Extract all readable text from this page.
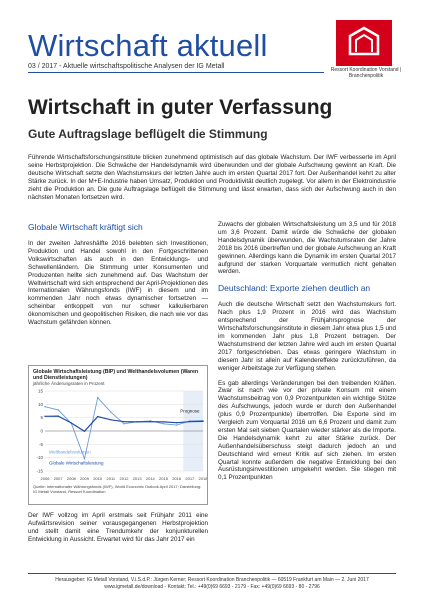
Wirtschaft aktuell
03 / 2017 - Aktuelle wirtschaftspolitische Analysen der IG Metall	Ressort Koordination Vorstand | Branchenpolitik
Wirtschaft in guter Verfassung
Gute Auftragslage beflügelt die Stimmung

Führende Wirtschaftsforschungsinstitute blicken zunehmend optimistisch auf das globale Wachstum. Der IWF verbesserte im April seine Herbstprojektion. Die Schwäche der Handelsdynamik wird überwunden und der globale Aufschwung gewinnt an Kraft. Die deutsche Wirtschaft setzte den Wachstumskurs der letzten Jahre auch im ersten Quartal 2017 fort. Der Außenhandel kehrt zu alter Stärke zurück. In der M+E-Industrie haben Umsatz, Produktion und Produktivität deutlich zugelegt. Vor allem in der Elektroindustrie zieht die Produktion an. Die gute Auftragslage beflügelt die Stimmung und lässt erwarten, dass sich der Aufschwung auch in den nächsten Monaten fortsetzen wird.

Globale Wirtschaft kräftigt sich

In der zweiten Jahreshälfte 2016 belebten sich Investitionen, Produktion und Handel sowohl in den Fortgeschrittenen Volkswirtschaften als auch in den Entwicklungs- und Schwellenländern. Die Stimmung unter Konsumenten und Produzenten hellte sich zunehmend auf. Das Wachstum der Weltwirtschaft wird sich entsprechend der April-Projektionen des Internationalen Währungsfonds (IWF) in diesem und im kommenden Jahr noch etwas dynamischer fortsetzen — scheinbar entkoppelt von nur schwer kalkulierbaren ökonomischen und geopolitischen Risiken, die nach wie vor das Wachstum gefährden können.

Globale Wirtschaftsleistung (BIP) und Welthandelsvolumen (Waren und Dienstleistungen)
jährliche Änderungsraten in Prozent
15
10
5
0
-5
-10
-15
2006 2007 2008 2009 2010 2011 2012 2013 2014 2015 2016 2017 2018
Welthandelsvolumen
Globale Wirtschaftsleistung
Prognose
Quelle: Internationaler Währungsfonds (IWF), World Economic Outlook April 2017; Darstellung: IG Metall Vorstand, Ressort Koordination

Der IWF vollzog im April erstmals seit Frühjahr 2011 eine Aufwärtsrevision seiner vorausgegangenen Herbstprojektion und stellt damit eine Trendumkehr der konjunkturellen Entwicklung in Aussicht. Erwartet wird für das Jahr 2017 ein

Zuwachs der globalen Wirtschaftsleistung um 3,5 und für 2018 um 3,6 Prozent. Damit würde die Schwäche der globalen Handelsdynamik überwunden, die Wachstumsraten der Jahre 2018 bis 2016 übertreffen und der globale Aufschwung an Kraft gewinnen. Allerdings kann die Dynamik im ersten Quartal 2017 aufgrund der starken Vorquartale vermutlich nicht gehalten werden.

Deutschland: Exporte ziehen deutlich an

Auch die deutsche Wirtschaft setzt den Wachstumskurs fort. Nach plus 1,9 Prozent in 2016 wird das Wachstum entsprechend der Frühjahrsprognose der Wirtschaftsforschungsinstitute in diesem Jahr etwa plus 1,5 und im kommenden Jahr plus 1,8 Prozent betragen. Der Wachstumstrend der letzten Jahre wird auch im ersten Quartal 2017 fortgeschrieben. Das etwas geringere Wachstum in diesem Jahr ist allein auf Kalendereffekte zurückzuführen, da weniger Arbeitstage zur Verfügung stehen.

Es gab allerdings Veränderungen bei den treibenden Kräften. Zwar ist nach wie vor der private Konsum mit einem Wachstumsbeitrag von 0,9 Prozentpunkten ein wichtige Stütze des Aufschwungs, jedoch wurde er durch den Außenhandel (plus 0,9 Prozentpunkte) übertroffen. Die Exporte sind im Vergleich zum Vorquartal 2016 um 6,6 Prozent und damit zum ersten Mal seit sieben Quartalen wieder stärker als die Importe. Die Handelsdynamik kehrt zu alter Stärke zurück. Der Außenhandelsüberschuss steigt dadurch jedoch an und Deutschland wird erneut Kritik auf sich ziehen. Im ersten Quartal konnte außerdem die negative Entwicklung bei den Ausrüstungsinvestitionen umgekehrt werden. Sie stiegen mit 0,1 Prozentpunkten

Herausgeber: IG Metall Vorstand, V.i.S.d.P.: Jürgen Kerner; Ressort Koordination Branchenpolitik — 60519 Frankfurt am Main — 2. Juni 2017
www.igmetall.de/download - Kontakt: Tel.: +49(0)69 6693 - 2179 - Fax: +49(0)69 6693 - 80 - 2796
